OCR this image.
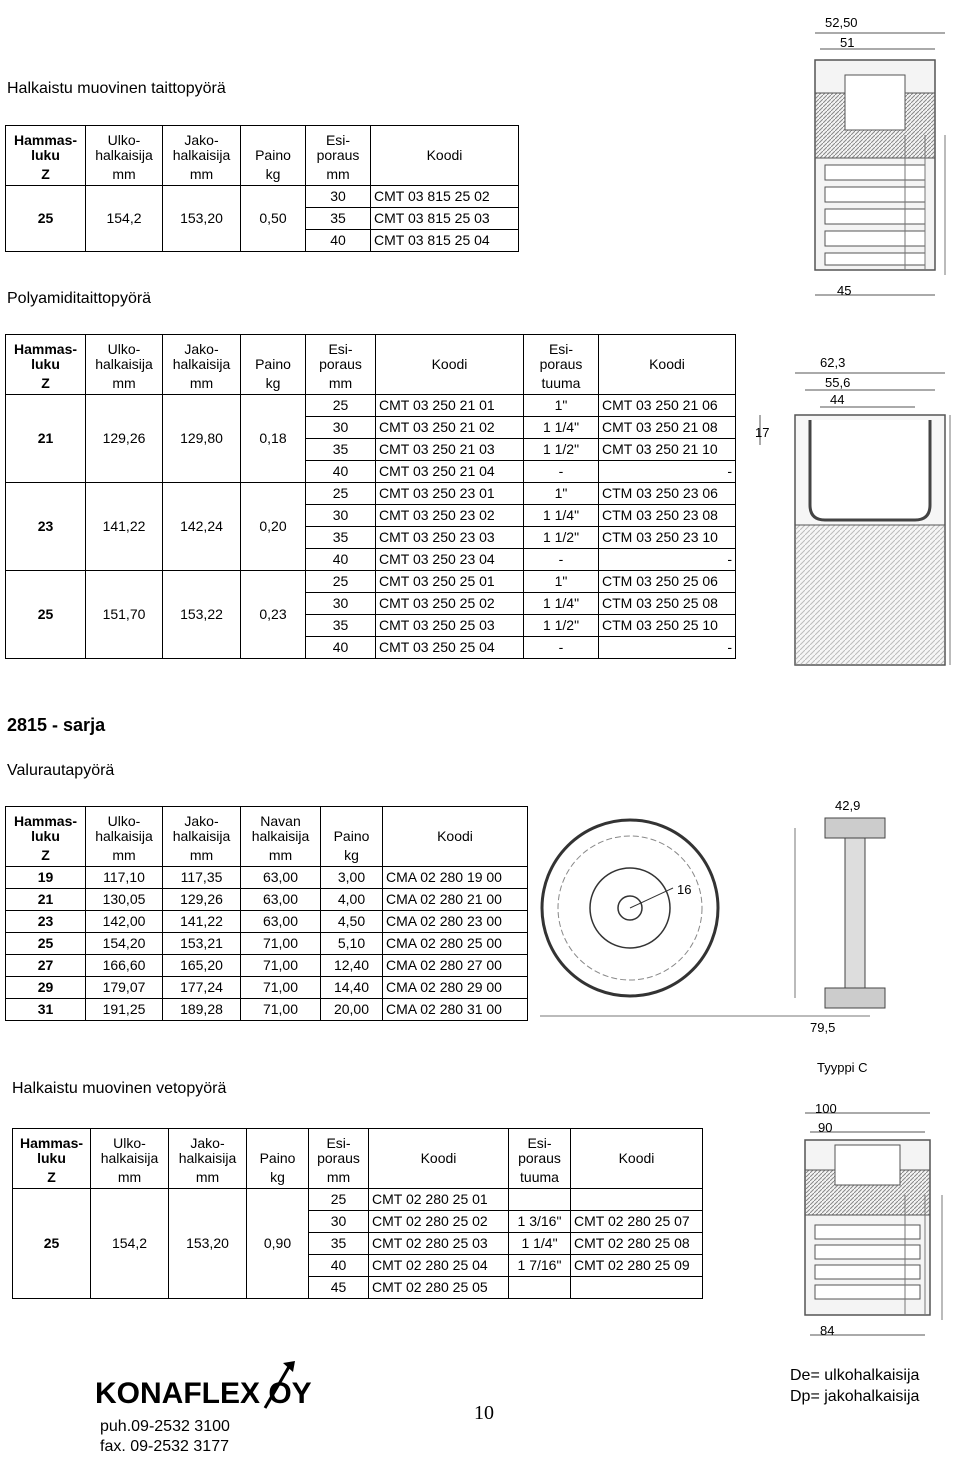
Halkaistu muovinen taittopyörä
Hammas-
luku	Ulko-
halkaisija	Jako-
halkaisija	Paino	Esi-
poraus	Koodi
Z	mm	mm	kg	mm	
25	154,2	153,20	0,50	30	CMT 03 815 25 02
				35	CMT 03 815 25 03
				40	CMT 03 815 25 04
52,50
51
45
Polyamiditaittopyörä
Hammas-
luku	Ulko-
halkaisija	Jako-
halkaisija	Paino	Esi-
poraus	Koodi	Esi-
poraus	Koodi
Z	mm	mm	kg	mm		tuuma	
21	129,26	129,80	0,18	25	CMT 03 250 21 01	1"	CMT 03 250 21 06
				30	CMT 03 250 21 02	1 1/4"	CMT 03 250 21 08
				35	CMT 03 250 21 03	1 1/2"	CMT 03 250 21 10
				40	CMT 03 250 21 04	-	-
23	141,22	142,24	0,20	25	CMT 03 250 23 01	1"	CTM 03 250 23 06
				30	CMT 03 250 23 02	1 1/4"	CTM 03 250 23 08
				35	CMT 03 250 23 03	1 1/2"	CTM 03 250 23 10
				40	CMT 03 250 23 04	-	-
25	151,70	153,22	0,23	25	CMT 03 250 25 01	1"	CTM 03 250 25 06
				30	CMT 03 250 25 02	1 1/4"	CTM 03 250 25 08
				35	CMT 03 250 25 03	1 1/2"	CTM 03 250 25 10
				40	CMT 03 250 25 04	-	-
62,3
55,6
44
17
2815 - sarja
Valurautapyörä
Hammas-
luku	Ulko-
halkaisija	Jako-
halkaisija	Navan
halkaisija	Paino	Koodi
Z	mm	mm	mm	kg	
19	117,10	117,35	63,00	3,00	CMA 02 280 19 00
21	130,05	129,26	63,00	4,00	CMA 02 280 21 00
23	142,00	141,22	63,00	4,50	CMA 02 280 23 00
25	154,20	153,21	71,00	5,10	CMA 02 280 25 00
27	166,60	165,20	71,00	12,40	CMA 02 280 27 00
29	179,07	177,24	71,00	14,40	CMA 02 280 29 00
31	191,25	189,28	71,00	20,00	CMA 02 280 31 00
42,9
16
79,5
Halkaistu muovinen vetopyörä
Tyyppi C
Hammas-
luku	Ulko-
halkaisija	Jako-
halkaisija	Paino	Esi-
poraus	Koodi	Esi-
poraus	Koodi
Z	mm	mm	kg	mm		tuuma	
25	154,2	153,20	0,90	25	CMT 02 280 25 01		
				30	CMT 02 280 25 02	1 3/16"	CMT 02 280 25 07
				35	CMT 02 280 25 03	1 1/4"	CMT 02 280 25 08
				40	CMT 02 280 25 04	1 7/16"	CMT 02 280 25 09
				45	CMT 02 280 25 05		
100
90
84
KONAFLEX OY
puh.09-2532 3100
fax. 09-2532 3177
10
De= ulkohalkaisija
Dp= jakohalkaisija
